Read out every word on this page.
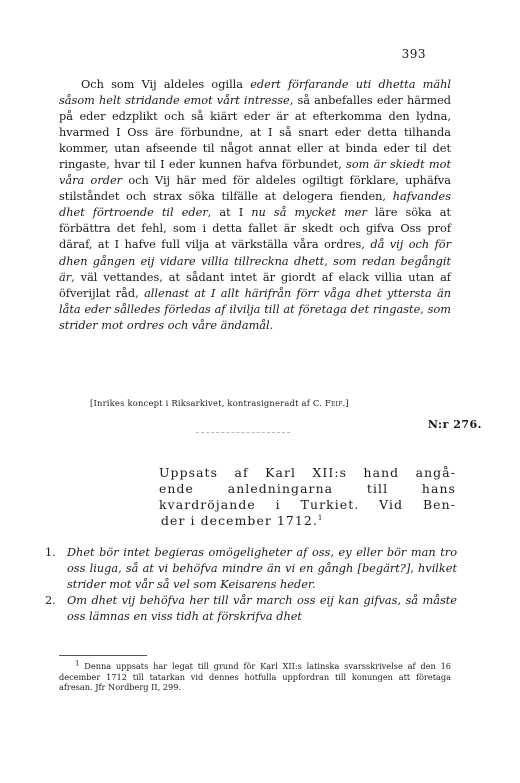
393

Och som Vij aldeles ogilla edert förfarande uti dhetta mähl såsom helt stridande emot vårt intresse, så anbefalles eder härmed på eder edzplikt och så kiärt eder är at efterkomma den lydna, hvarmed I Oss äre förbundne, at I så snart eder detta tilhanda kommer, utan afseende til något annat eller at binda eder til det ringaste, hvar til I eder kunnen hafva förbundet, som är skiedt mot våra order och Vij här med för aldeles ogiltigt förklare, uphäfva stilståndet och strax söka tilfälle at delogera fienden, hafvandes dhet förtroende til eder, at I nu så mycket mer läre söka at förbättra det fehl, som i detta fallet är skedt och gifva Oss prof däraf, at I hafve full vilja at värkställa våra ordres, då vij och för dhen gången eij vidare villia tillreckna dhett, som redan begångit är, väl vettandes, at sådant intet är giordt af elack villia utan af öfverijlat råd, allenast at I allt härifrån förr våga dhet yttersta än låta eder sålledes förledas af ilvilja till at företaga det ringaste, som strider mot ordres och våre ändamål.

[Inrikes koncept i Riksarkivet, kontrasigneradt af C. Feif.]
N:r 276.
Uppsats af Karl XII:s hand angå-
ende anledningarna till hans
kvardröjande i Turkiet. Vid Ben-
der i december 1712.$^1$
1. Dhet bör intet begieras omögeligheter af oss, ey eller bör man tro oss liuga, så at vi behöfva mindre än vi en gångh [begärt?], hvilket strider mot vår så vel som Keisarens heder.
2. Om dhet vij behöfva her till vår march oss eij kan gifvas, så måste oss lämnas en viss tidh at förskrifva dhet

$^1$ Denna uppsats har legat till grund för Karl XII:s latinska svarsskrivelse af den 16 december 1712 till tatarkan vid dennes hotfulla uppfordran till konungen att företaga afresan. Jfr Nordberg II, 299.
